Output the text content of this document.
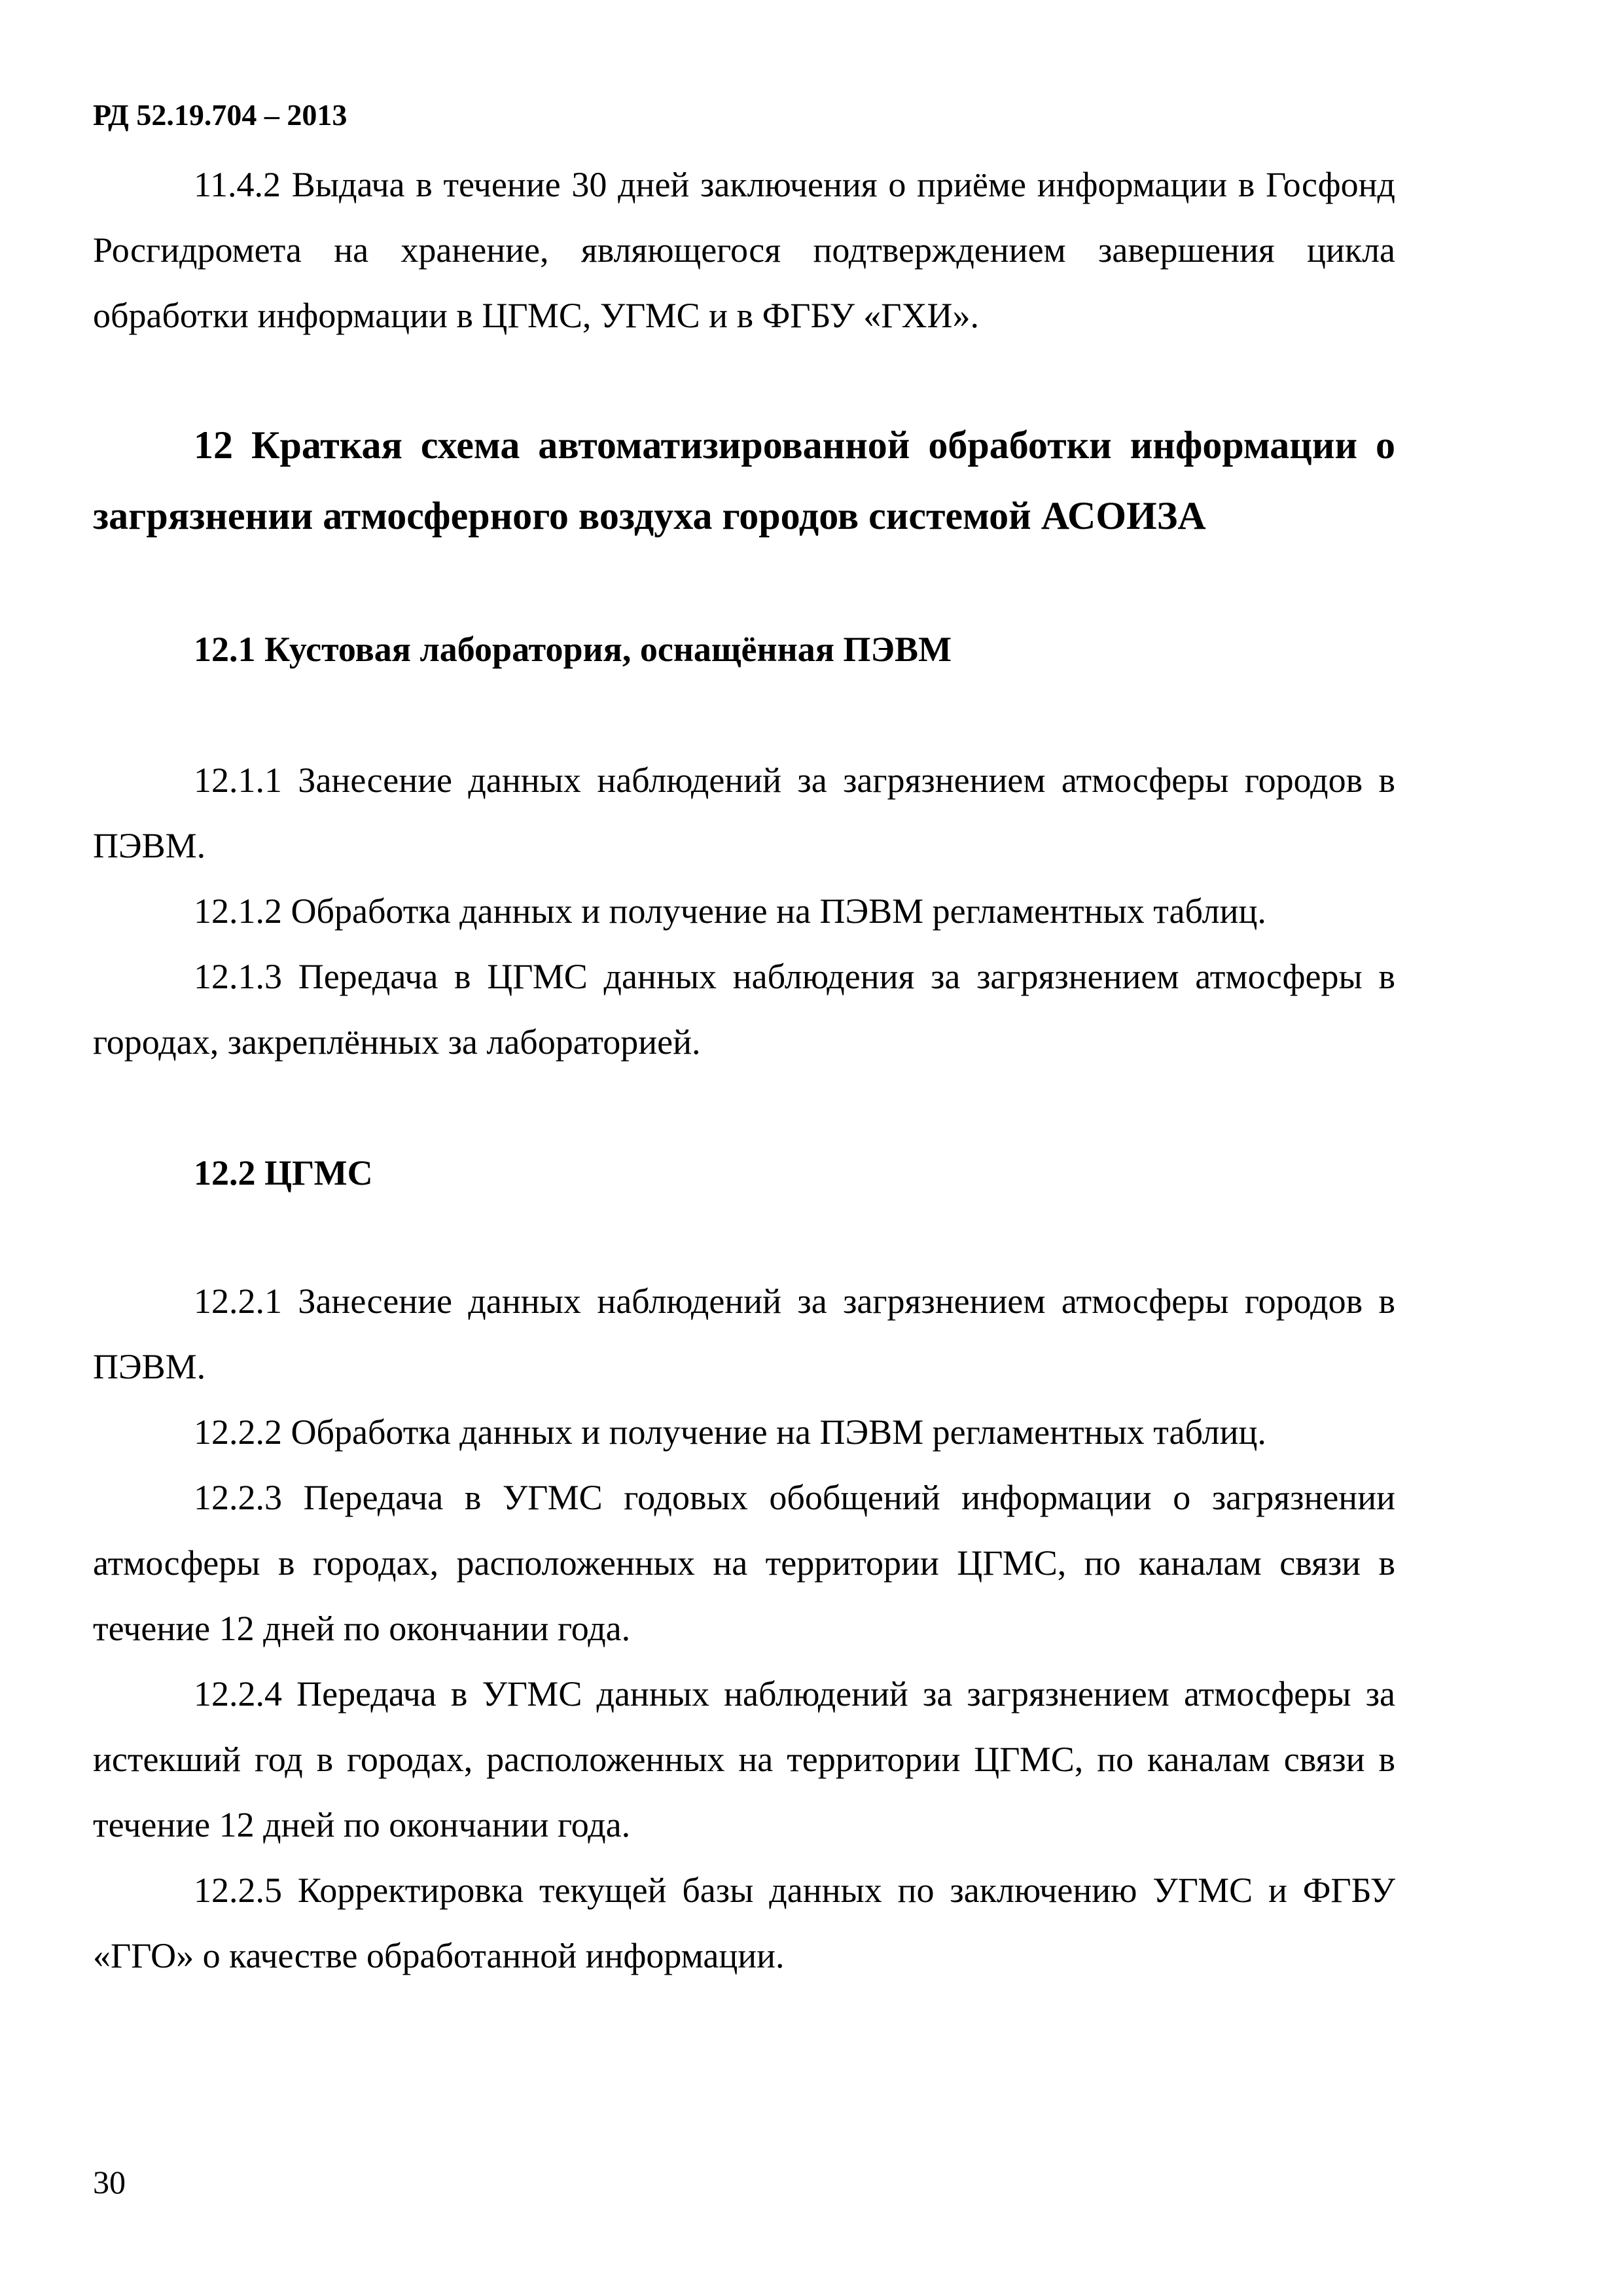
РД 52.19.704 – 2013

11.4.2 Выдача в течение 30 дней заключения о приёме информации в Госфонд Росгидромета на хранение, являющегося подтверждением завершения цикла обработки информации в ЦГМС, УГМС и в ФГБУ «ГХИ».

12 Краткая схема автоматизированной обработки информации о загрязнении атмосферного воздуха городов системой АСОИЗА

12.1 Кустовая лаборатория, оснащённая ПЭВМ

12.1.1 Занесение данных наблюдений за загрязнением атмосферы городов в ПЭВМ.

12.1.2 Обработка данных и получение на ПЭВМ регламентных таблиц.

12.1.3 Передача в ЦГМС данных наблюдения за загрязнением атмосферы в городах, закреплённых за лабораторией.

12.2 ЦГМС

12.2.1 Занесение данных наблюдений за загрязнением атмосферы городов в ПЭВМ.

12.2.2 Обработка данных и получение на ПЭВМ регламентных таблиц.

12.2.3 Передача в УГМС годовых обобщений информации о загрязнении атмосферы в городах, расположенных на территории ЦГМС, по каналам связи в течение 12 дней по окончании года.

12.2.4 Передача в УГМС данных наблюдений за загрязнением атмосферы за истекший год в городах, расположенных на территории ЦГМС, по каналам связи в течение 12 дней по окончании года.

12.2.5 Корректировка текущей базы данных по заключению УГМС и ФГБУ «ГГО» о качестве обработанной информации.

30
